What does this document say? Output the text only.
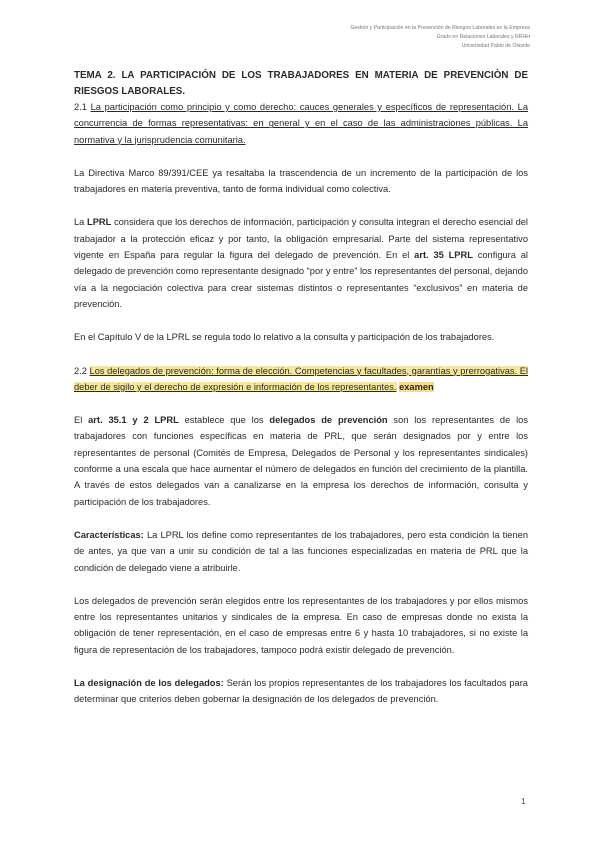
Gestión y Participación en la Prevención de Riesgos Laborales en la Empresa
Grado en Relaciones Laborales y RRHH
Universidad Pablo de Olavide
TEMA 2. LA PARTICIPACIÓN DE LOS TRABAJADORES EN MATERIA DE PREVENCIÒN DE RIESGOS LABORALES.

2.1 La participación como principio y como derecho: cauces generales y específicos de representación. La concurrencia de formas representativas: en general y en el caso de las administraciones públicas. La normativa y la jurisprudencia comunitaria.

La Directiva Marco 89/391/CEE ya resaltaba la trascendencia de un incremento de la participación de los trabajadores en materia preventiva, tanto de forma individual como colectiva.

La LPRL considera que los derechos de información, participación y consulta integran el derecho esencial del trabajador a la protección eficaz y por tanto, la obligación empresarial. Parte del sistema representativo vigente en España para regular la figura del delegado de prevención. En el art. 35 LPRL configura al delegado de prevención como representante designado “por y entre” los representantes del personal, dejando vía a la negociación colectiva para crear sistemas distintos o representantes “exclusivos” en materia de prevención.

En el Capítulo V de la LPRL se regula todo lo relativo a la consulta y participación de los trabajadores.

2.2 Los delegados de prevención: forma de elección. Competencias y facultades, garantías y prerrogativas. El deber de sigilo y el derecho de expresión e información de los representantes. examen

El art. 35.1 y 2 LPRL establece que los delegados de prevención son los representantes de los trabajadores con funciones específicas en materia de PRL, que serán designados por y entre los representantes de personal (Comités de Empresa, Delegados de Personal y los representantes sindicales) conforme a una escala que hace aumentar el número de delegados en función del crecimiento de la plantilla. A través de estos delegados van a canalizarse en la empresa los derechos de información, consulta y participación de los trabajadores.

Características: La LPRL los define como representantes de los trabajadores, pero esta condición la tienen de antes, ya que van a unir su condición de tal a las funciones especializadas en materia de PRL que la condición de delegado viene a atribuirle.

Los delegados de prevención serán elegidos entre los representantes de los trabajadores y por ellos mismos entre los representantes unitarios y sindicales de la empresa. En caso de empresas donde no exista la obligación de tener representación, en el caso de empresas entre 6 y hasta 10 trabajadores, si no existe la figura de representación de los trabajadores, tampoco podrá existir delegado de prevención.

La designación de los delegados: Serán los propios representantes de los trabajadores los facultados para determinar que criterios deben gobernar la designación de los delegados de prevención.

1
